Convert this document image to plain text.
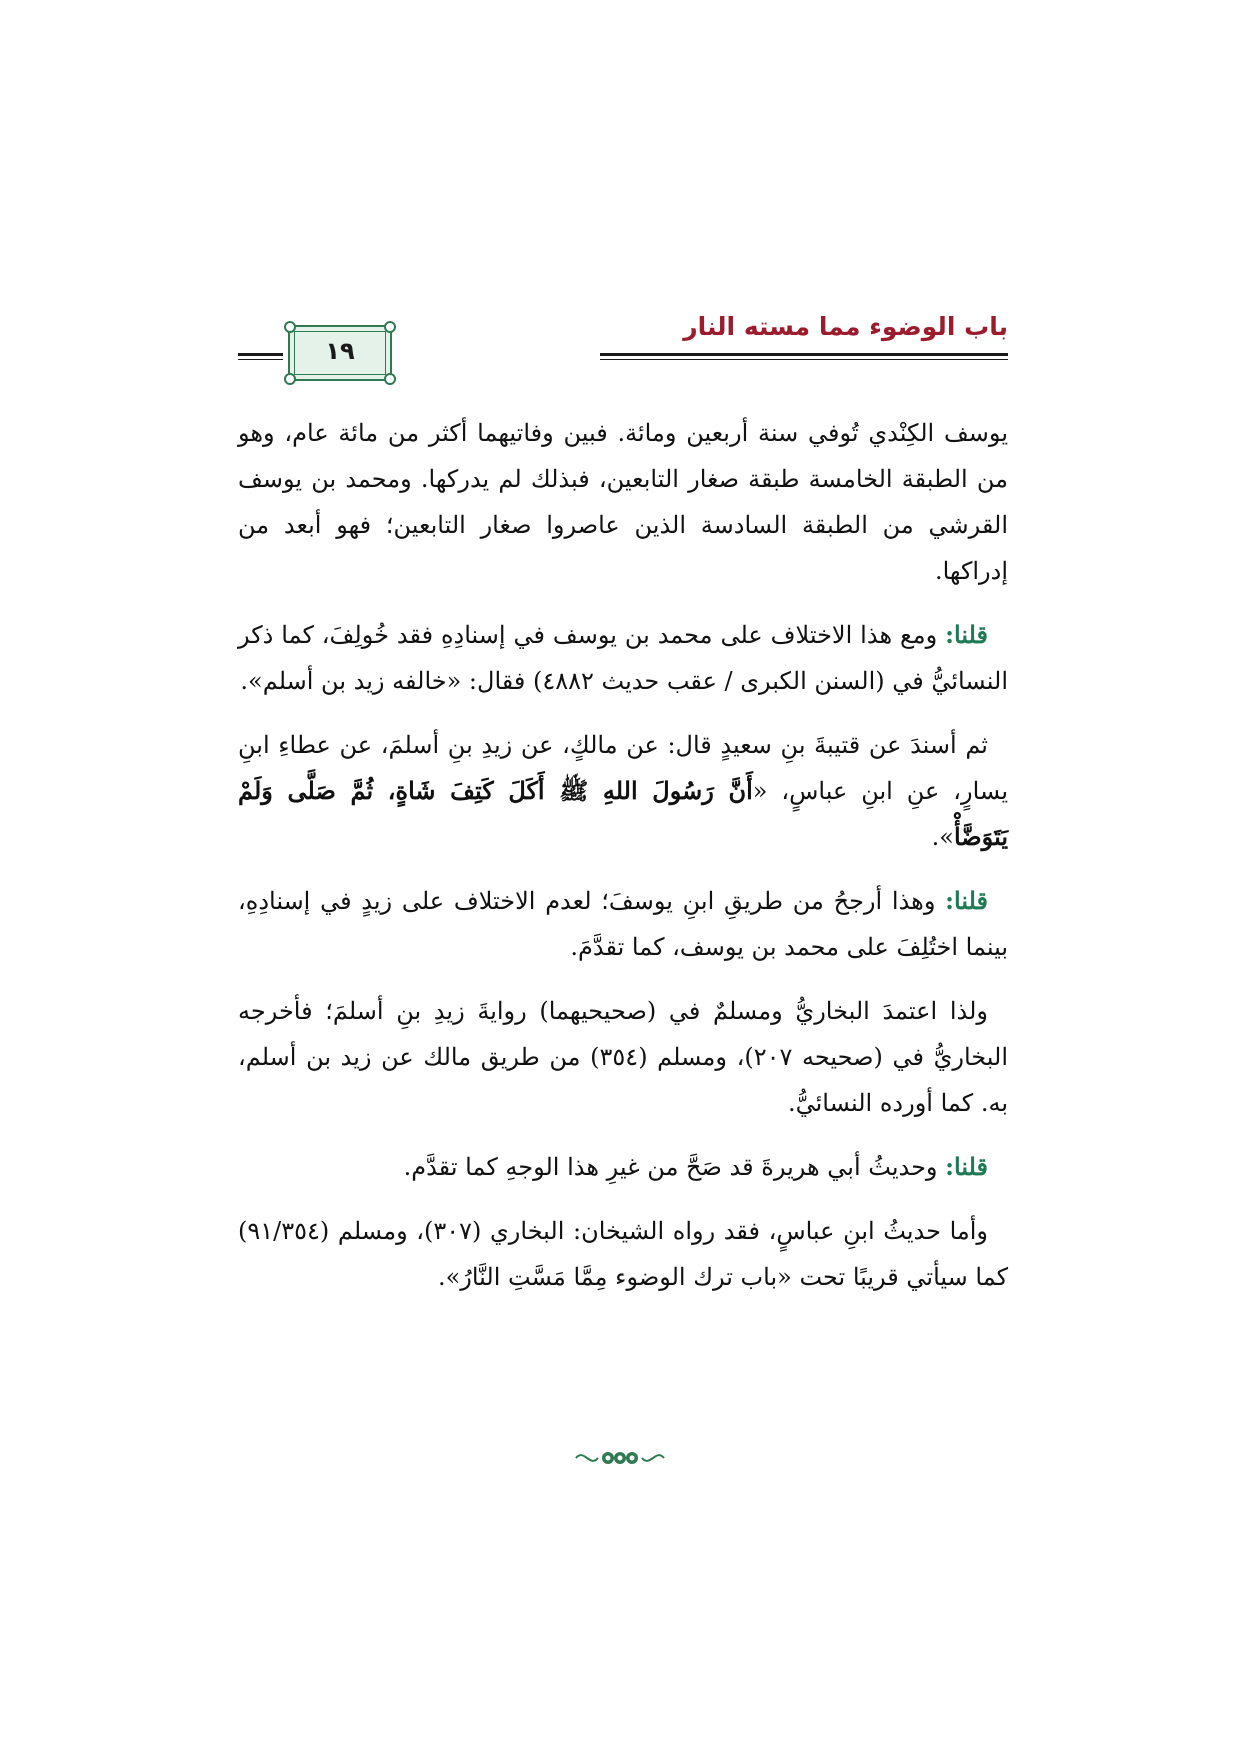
باب الوضوء مما مسته النار
١٩

يوسف الكِنْدي تُوفي سنة أربعين ومائة. فبين وفاتيهما أكثر من مائة عام، وهو من الطبقة الخامسة طبقة صغار التابعين، فبذلك لم يدركها. ومحمد بن يوسف القرشي من الطبقة السادسة الذين عاصروا صغار التابعين؛ فهو أبعد من إدراكها.

قلنا: ومع هذا الاختلاف على محمد بن يوسف في إسنادِهِ فقد خُولِفَ، كما ذكر النسائيُّ في (السنن الكبرى / عقب حديث ٤٨٨٢) فقال: «خالفه زيد بن أسلم».

ثم أسندَ عن قتيبةَ بنِ سعيدٍ قال: عن مالكٍ، عن زيدِ بنِ أسلمَ، عن عطاءِ ابنِ يسارٍ، عنِ ابنِ عباسٍ، «أَنَّ رَسُولَ اللهِ ﷺ أَكَلَ كَتِفَ شَاةٍ، ثُمَّ صَلَّى وَلَمْ يَتَوَضَّأْ».

قلنا: وهذا أرجحُ من طريقِ ابنِ يوسفَ؛ لعدم الاختلاف على زيدٍ في إسنادِهِ، بينما اختُلِفَ على محمد بن يوسف، كما تقدَّمَ.

ولذا اعتمدَ البخاريُّ ومسلمٌ في (صحيحيهما) روايةَ زيدِ بنِ أسلمَ؛ فأخرجه البخاريُّ في (صحيحه ٢٠٧)، ومسلم (٣٥٤) من طريق مالك عن زيد بن أسلم، به. كما أورده النسائيُّ.

قلنا: وحديثُ أبي هريرةَ قد صَحَّ من غيرِ هذا الوجهِ كما تقدَّم.

وأما حديثُ ابنِ عباسٍ، فقد رواه الشيخان: البخاري (٣٠٧)، ومسلم (٩١/٣٥٤) كما سيأتي قريبًا تحت «باب ترك الوضوء مِمَّا مَسَّتِ النَّارُ».
